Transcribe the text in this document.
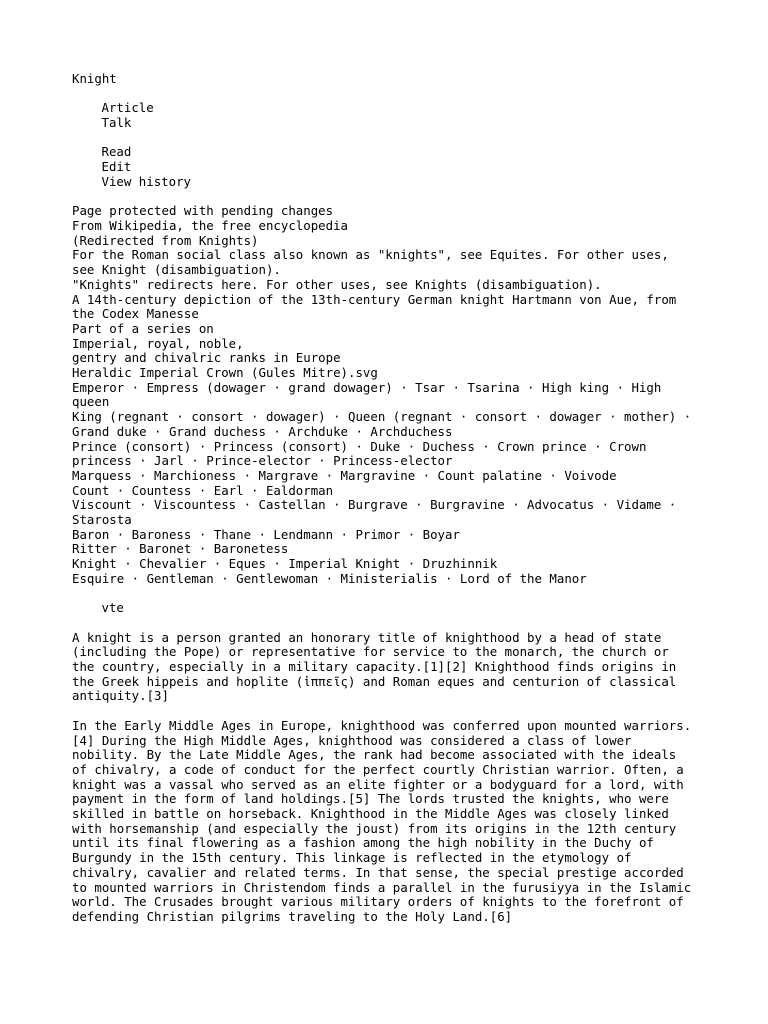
Knight
Article
Talk
Read
Edit
View history
Page protected with pending changes
From Wikipedia, the free encyclopedia
(Redirected from Knights)
For the Roman social class also known as "knights", see Equites. For other uses,
see Knight (disambiguation).
"Knights" redirects here. For other uses, see Knights (disambiguation).
A 14th-century depiction of the 13th-century German knight Hartmann von Aue, from
the Codex Manesse
Part of a series on
Imperial, royal, noble,
gentry and chivalric ranks in Europe
Heraldic Imperial Crown (Gules Mitre).svg
Emperor · Empress (dowager · grand dowager) · Tsar · Tsarina · High king · High
queen
King (regnant · consort · dowager) · Queen (regnant · consort · dowager · mother) ·
Grand duke · Grand duchess · Archduke · Archduchess
Prince (consort) · Princess (consort) · Duke · Duchess · Crown prince · Crown
princess · Jarl · Prince-elector · Princess-elector
Marquess · Marchioness · Margrave · Margravine · Count palatine · Voivode
Count · Countess · Earl · Ealdorman
Viscount · Viscountess · Castellan · Burgrave · Burgravine · Advocatus · Vidame ·
Starosta
Baron · Baroness · Thane · Lendmann · Primor · Boyar
Ritter · Baronet · Baronetess
Knight · Chevalier · Eques · Imperial Knight · Druzhinnik
Esquire · Gentleman · Gentlewoman · Ministerialis · Lord of the Manor
vte
A knight is a person granted an honorary title of knighthood by a head of state
(including the Pope) or representative for service to the monarch, the church or
the country, especially in a military capacity.[1][2] Knighthood finds origins in
the Greek hippeis and hoplite (ἱππεῖς) and Roman eques and centurion of classical
antiquity.[3]
In the Early Middle Ages in Europe, knighthood was conferred upon mounted warriors.
[4] During the High Middle Ages, knighthood was considered a class of lower
nobility. By the Late Middle Ages, the rank had become associated with the ideals
of chivalry, a code of conduct for the perfect courtly Christian warrior. Often, a
knight was a vassal who served as an elite fighter or a bodyguard for a lord, with
payment in the form of land holdings.[5] The lords trusted the knights, who were
skilled in battle on horseback. Knighthood in the Middle Ages was closely linked
with horsemanship (and especially the joust) from its origins in the 12th century
until its final flowering as a fashion among the high nobility in the Duchy of
Burgundy in the 15th century. This linkage is reflected in the etymology of
chivalry, cavalier and related terms. In that sense, the special prestige accorded
to mounted warriors in Christendom finds a parallel in the furusiyya in the Islamic
world. The Crusades brought various military orders of knights to the forefront of
defending Christian pilgrims traveling to the Holy Land.[6]
